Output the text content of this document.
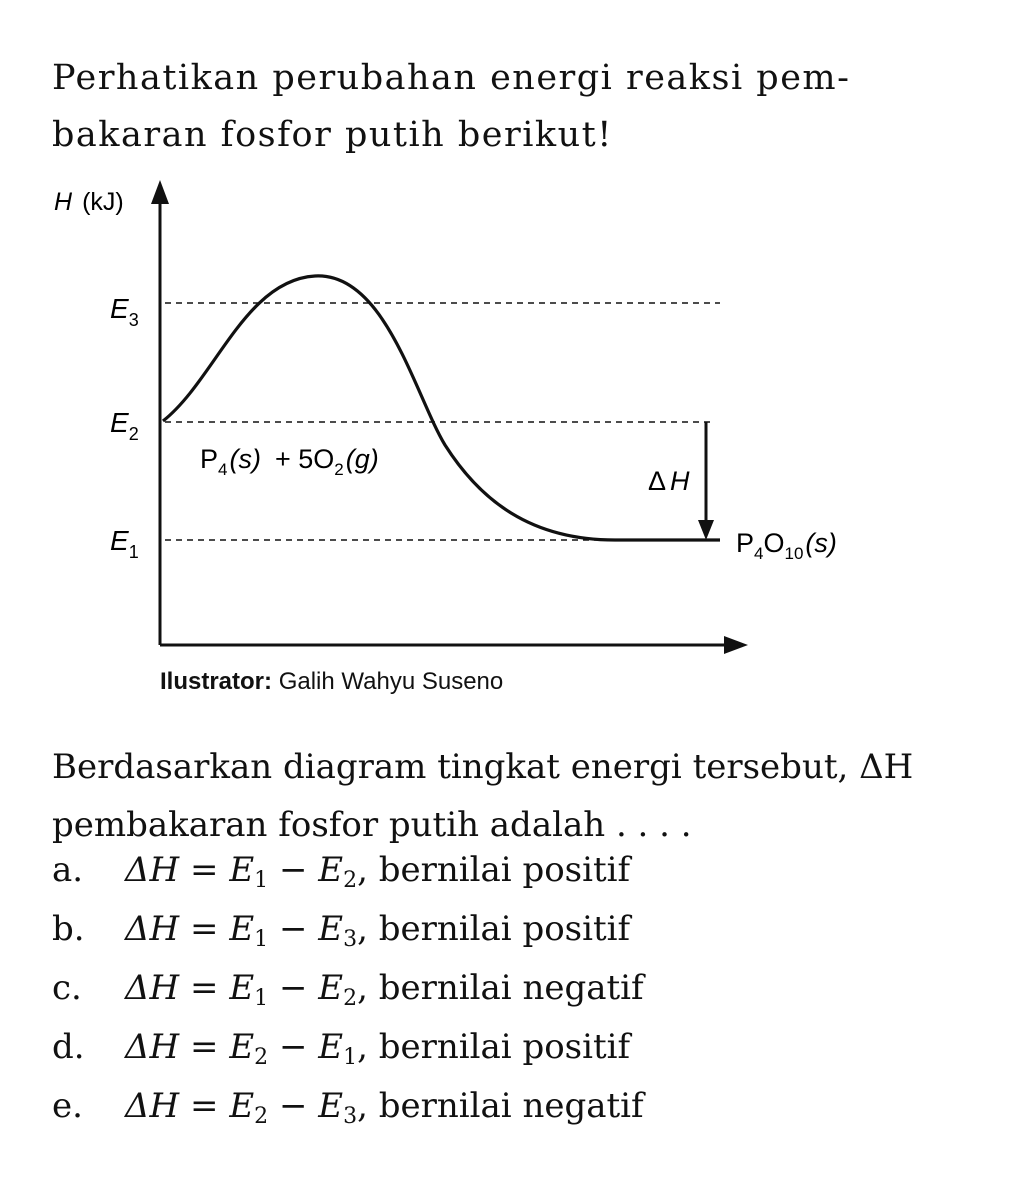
Perhatikan perubahan energi reaksi pem-
bakaran fosfor putih berikut!
H (kJ)
$E_3$
$E_2$
$E_1$
$P_4(s) + 5O_2(g)$
Δ H
$P_4O_{10}(s)$
Ilustrator: Galih Wahyu Suseno
Berdasarkan diagram tingkat energi tersebut, ΔH
pembakaran fosfor putih adalah . . . .
a. $\Delta H = E_1 - E_2$, bernilai positif
b. $\Delta H = E_1 - E_3$, bernilai positif
c. $\Delta H = E_1 - E_2$, bernilai negatif
d. $\Delta H = E_2 - E_1$, bernilai positif
e. $\Delta H = E_2 - E_3$, bernilai negatif
